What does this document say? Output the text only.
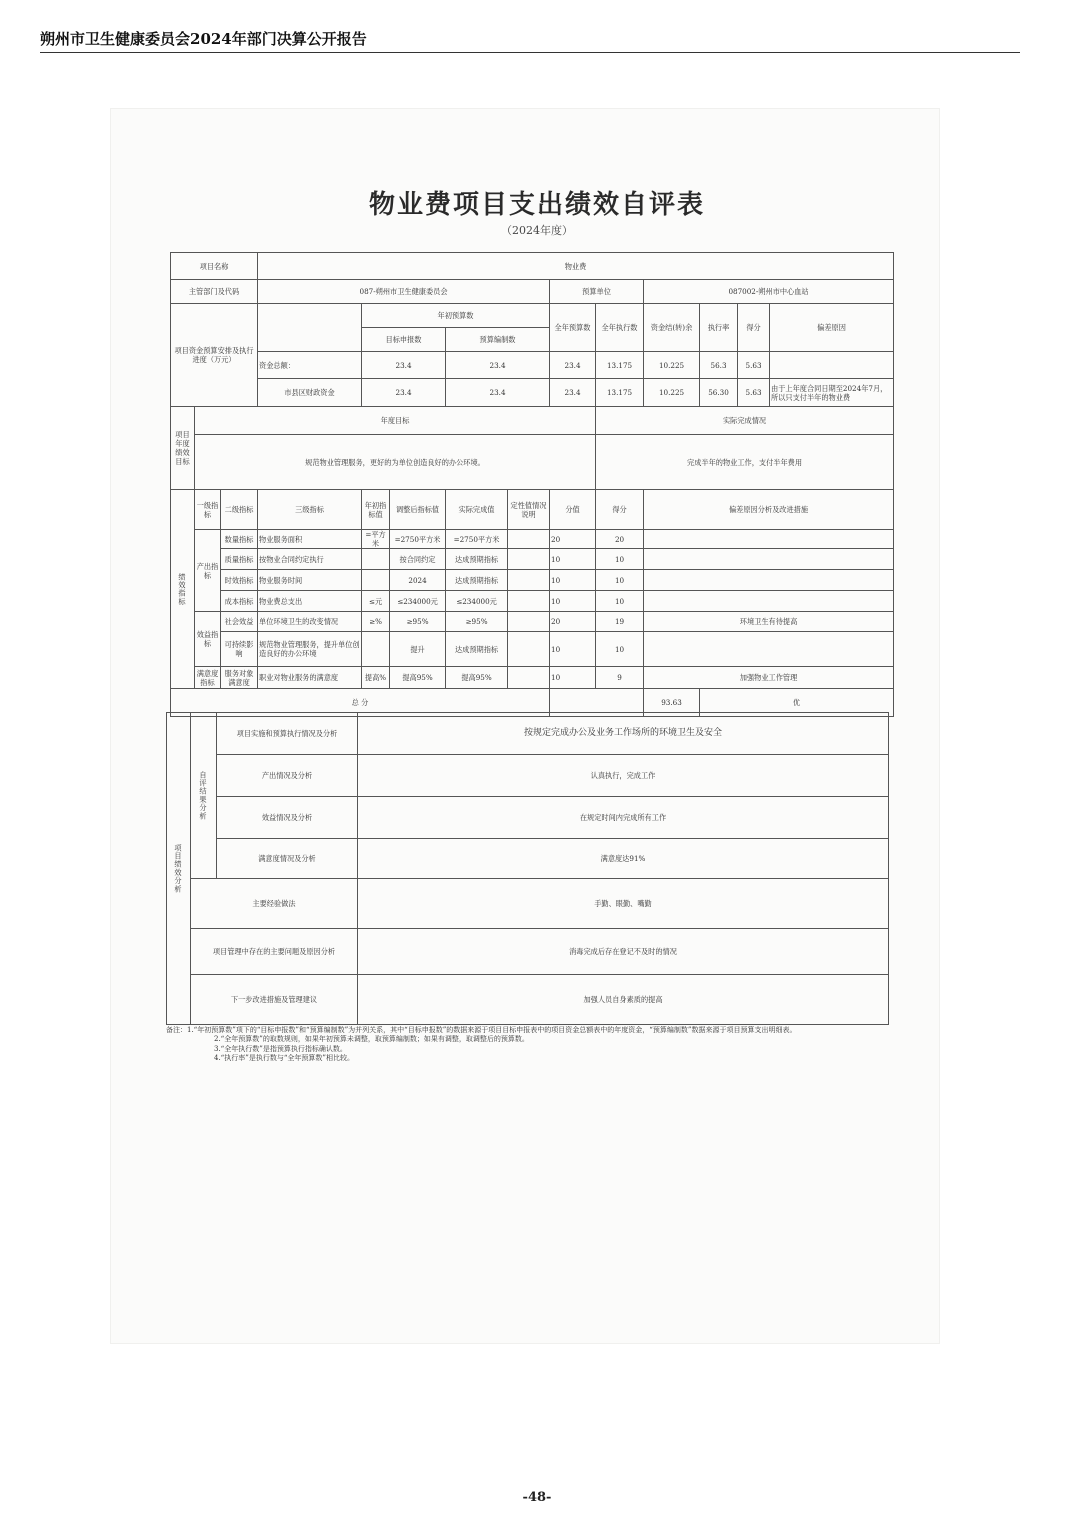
朔州市卫生健康委员会2024年部门决算公开报告
物业费项目支出绩效自评表
（2024年度）
项目名称			物业费										
主管部门及代码			087-朔州市卫生健康委员会					预算单位		087002-朔州市中心血站			
项目资金预算安排及执行进度（万元）				年初预算数				全年预算数	全年执行数	资金结(转)余	执行率	得分	偏差原因
				目标申报数		预算编制数							
			资金总额：	23.4		23.4		23.4	13.175	10.225	56.3	5.63	
			市县区财政资金	23.4		23.4		23.4	13.175	10.225	56.30	5.63	由于上年度合同日期至2024年7月，所以只支付半年的物业费
项目年度绩效目标	年度目标								实际完成情况				
	规范物业管理服务，更好的为单位创造良好的办公环境。								完成半年的物业工作，支付半年费用				
绩效指标	一级指标	二级指标	三级指标	年初指标值	调整后指标值	实际完成值	定性值情况说明	分值	得分	偏差原因分析及改进措施			
	产出指标	数量指标	物业服务面积	=平方米	=2750平方米	=2750平方米		20	20				
		质量指标	按物业合同约定执行		按合同约定	达成预期指标		10	10				
		时效指标	物业服务时间		2024	达成预期指标		10	10				
		成本指标	物业费总支出	≤元	≤234000元	≤234000元		10	10				
	效益指标	社会效益	单位环境卫生的改变情况	≥%	≥95%	≥95%		20	19	环境卫生有待提高			
		可持续影响	规范物业管理服务，提升单位创造良好的办公环境		提升	达成预期指标		10	10				
	满意度指标	服务对象满意度	职业对物业服务的满意度	提高%	提高95%	提高95%		10	9	加强物业工作管理			
总 分										93.63	优		
项目绩效分析	自评结果分析	项目实施和预算执行情况及分析	按规定完成办公及业务工作场所的环境卫生及安全
		产出情况及分析	认真执行，完成工作
		效益情况及分析	在规定时间内完成所有工作
		满意度情况及分析	满意度达91%
	主要经验做法		手勤、眼勤、嘴勤
	项目管理中存在的主要问题及原因分析		消毒完成后存在登记不及时的情况
	下一步改进措施及管理建议		加强人员自身素质的提高
备注：1.“年初预算数”项下的“目标申报数”和“预算编制数”为并列关系，其中“目标申报数”的数据来源于项目目标申报表中的项目资金总额表中的年度资金，“预算编制数”数据来源于项目预算支出明细表。
2.“全年预算数”的取数规则，如果年初预算未调整，取预算编制数；如果有调整，取调整后的预算数。
3.“全年执行数”是指预算执行指标确认数。
4.“执行率”是执行数与“全年预算数”相比较。
-48-
